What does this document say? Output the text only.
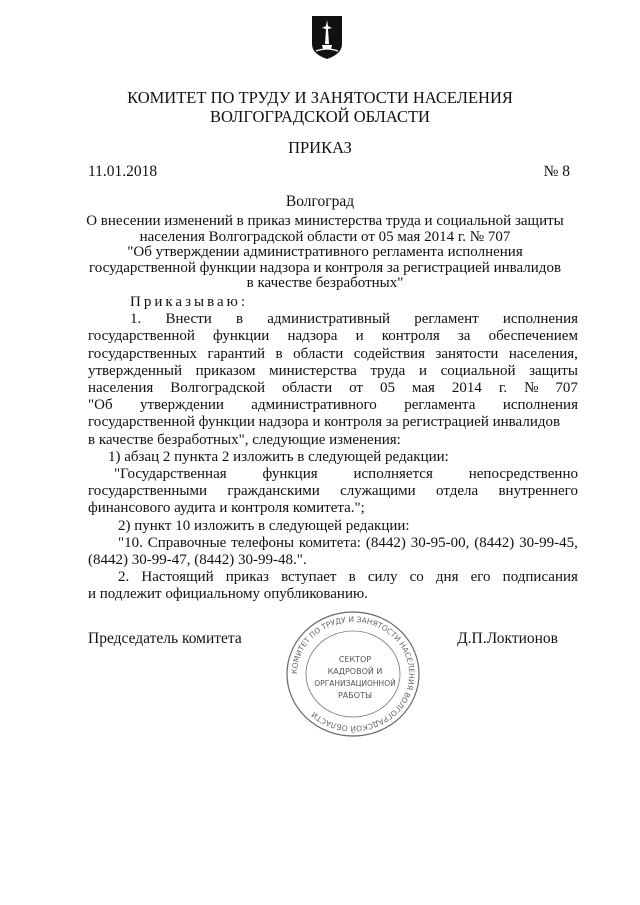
КОМИТЕТ ПО ТРУДУ И ЗАНЯТОСТИ НАСЕЛЕНИЯ
ВОЛГОГРАДСКОЙ ОБЛАСТИ
ПРИКАЗ
11.01.2018	№ 8
Волгоград
О внесении изменений в приказ министерства труда и социальной защиты
населения Волгоградской области от 05 мая 2014 г. № 707
"Об утверждении административного регламента исполнения
государственной функции надзора и контроля за регистрацией инвалидов
в качестве безработных"
Приказываю:
1. Внести в административный регламент исполнения
государственной функции надзора и контроля за обеспечением
государственных гарантий в области содействия занятости населения,
утвержденный приказом министерства труда и социальной защиты
населения Волгоградской области от 05 мая 2014 г. № 707
"Об утверждении административного регламента исполнения
государственной функции надзора и контроля за регистрацией инвалидов
в качестве безработных", следующие изменения:
1) абзац 2 пункта 2 изложить в следующей редакции:
"Государственная функция исполняется непосредственно
государственными гражданскими служащими отдела внутреннего
финансового аудита и контроля комитета.";
2) пункт 10 изложить в следующей редакции:
"10. Справочные телефоны комитета: (8442) 30-95-00, (8442) 30-99-45,
(8442) 30-99-47, (8442) 30-99-48.".
2. Настоящий приказ вступает в силу со дня его подписания
и подлежит официальному опубликованию.
Председатель комитета	Д.П.Локтионов
КОМИТЕТ ПО ТРУДУ И ЗАНЯТОСТИ НАСЕЛЕНИЯ ВОЛГОГРАДСКОЙ ОБЛАСТИ
СЕКТОР
КАДРОВОЙ И
ОРГАНИЗАЦИОННОЙ
РАБОТЫ
